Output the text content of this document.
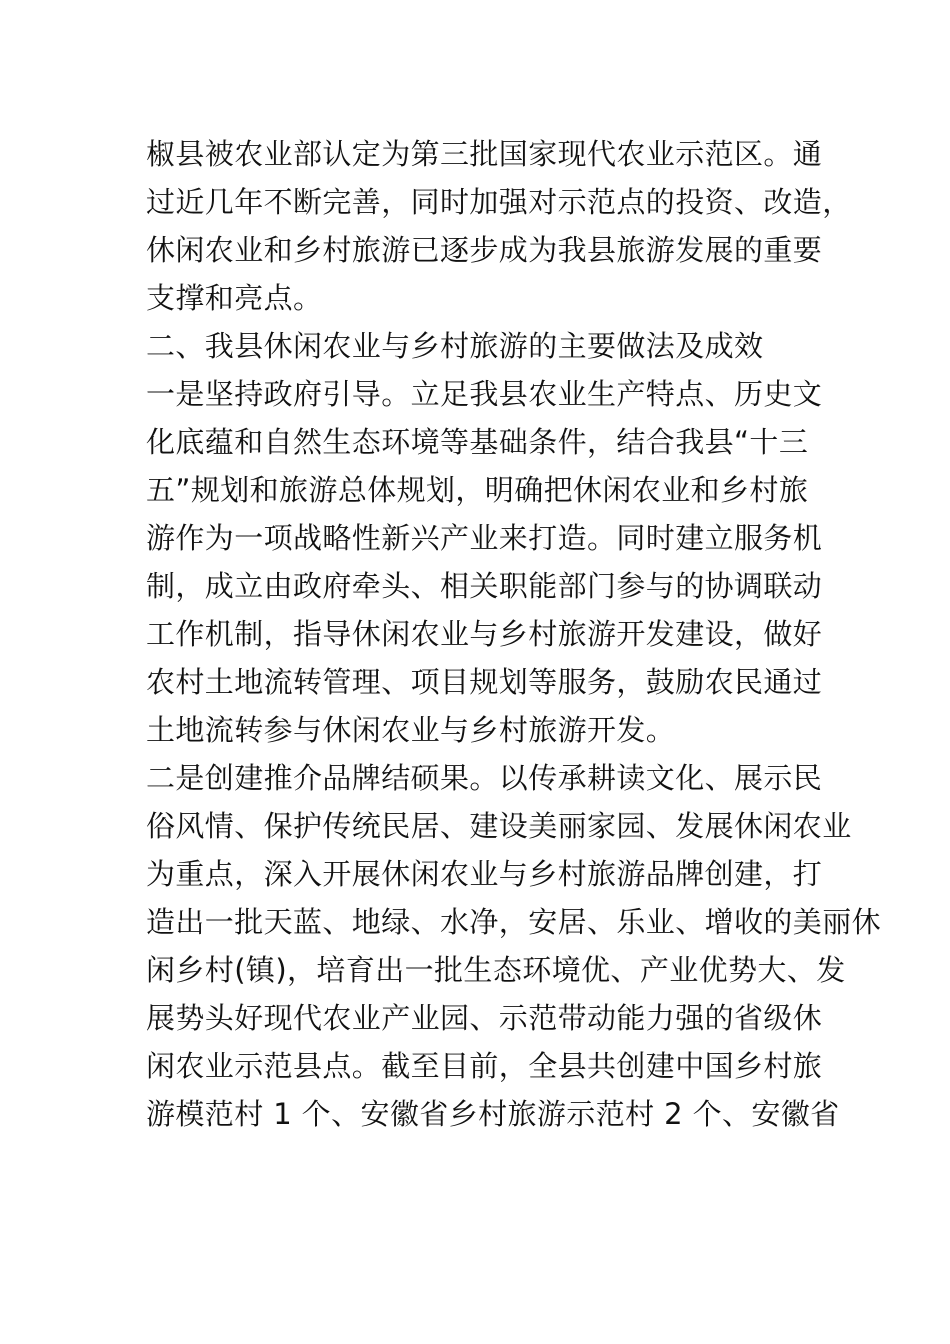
椒县被农业部认定为第三批国家现代农业示范区。通
过近几年不断完善，同时加强对示范点的投资、改造，
休闲农业和乡村旅游已逐步成为我县旅游发展的重要
支撑和亮点。
二、我县休闲农业与乡村旅游的主要做法及成效
一是坚持政府引导。立足我县农业生产特点、历史文
化底蕴和自然生态环境等基础条件，结合我县“十三
五”规划和旅游总体规划，明确把休闲农业和乡村旅
游作为一项战略性新兴产业来打造。同时建立服务机
制，成立由政府牵头、相关职能部门参与的协调联动
工作机制，指导休闲农业与乡村旅游开发建设，做好
农村土地流转管理、项目规划等服务，鼓励农民通过
土地流转参与休闲农业与乡村旅游开发。
二是创建推介品牌结硕果。以传承耕读文化、展示民
俗风情、保护传统民居、建设美丽家园、发展休闲农业
为重点，深入开展休闲农业与乡村旅游品牌创建，打
造出一批天蓝、地绿、水净，安居、乐业、增收的美丽休
闲乡村(镇)，培育出一批生态环境优、产业优势大、发
展势头好现代农业产业园、示范带动能力强的省级休
闲农业示范县点。截至目前，全县共创建中国乡村旅
游模范村 1 个、安徽省乡村旅游示范村 2 个、安徽省
